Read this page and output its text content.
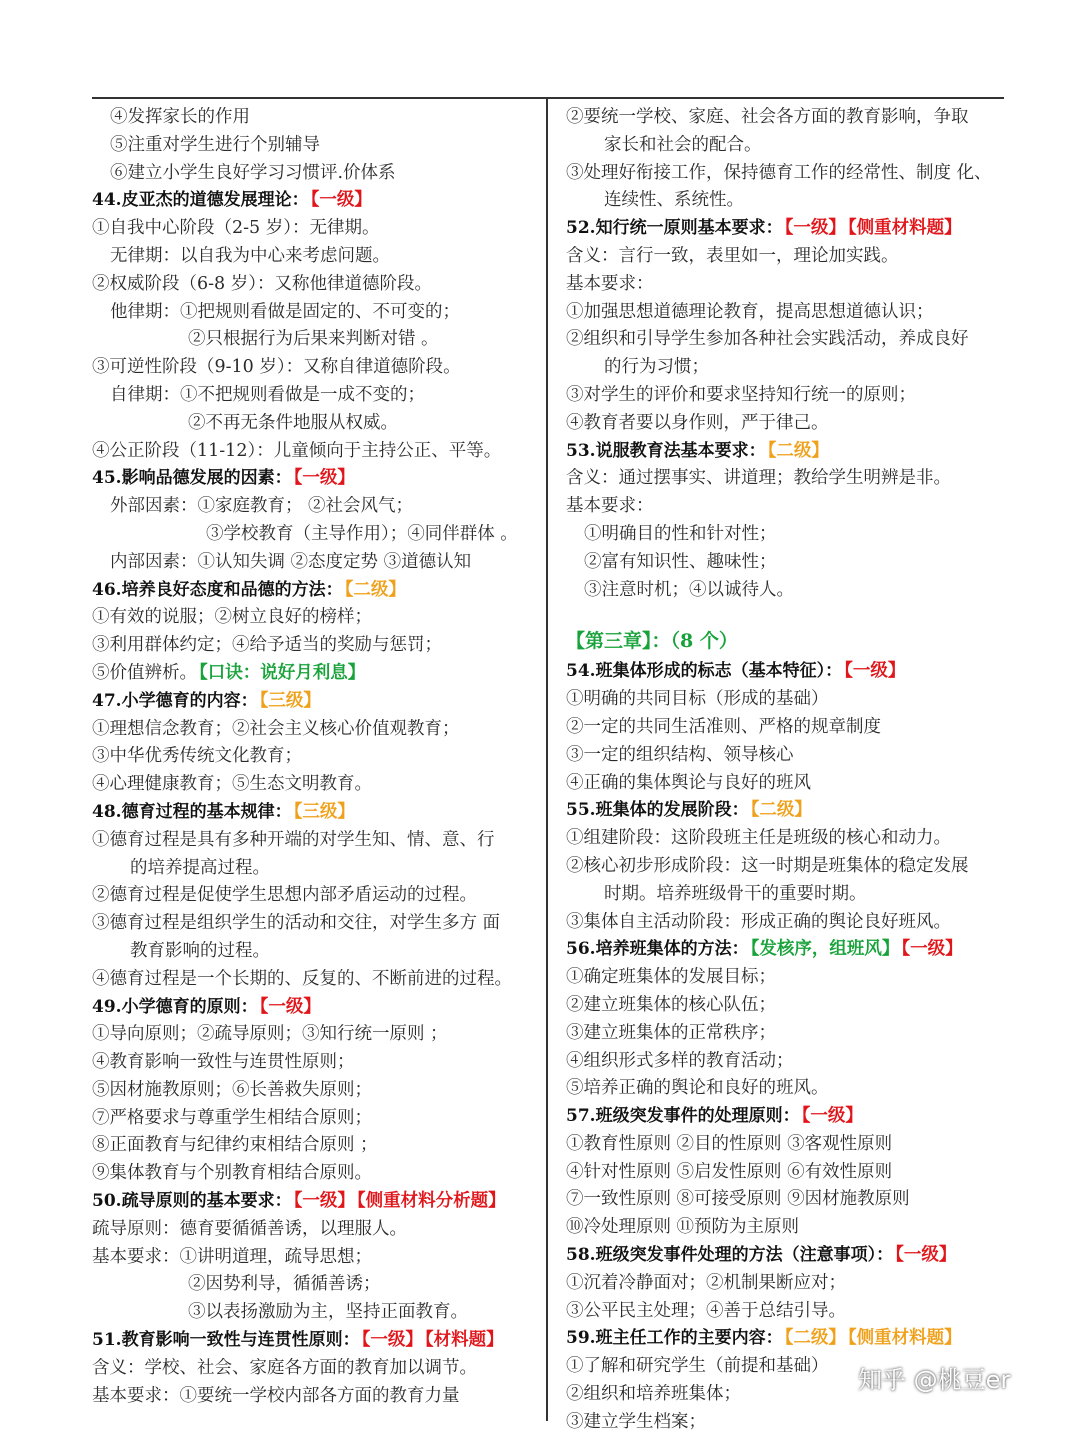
④发挥家长的作用
⑤注重对学生进行个别辅导
⑥建立小学生良好学习习惯评.价体系
44.皮亚杰的道德发展理论： 【一级】
①自我中心阶段（2-5 岁）：无律期。
无律期：以自我为中心来考虑问题。
②权威阶段（6-8 岁）：又称他律道德阶段。
他律期：①把规则看做是固定的、不可变的；
②只根据行为后果来判断对错 。
③可逆性阶段（9-10 岁）：又称自律道德阶段。
自律期：①不把规则看做是一成不变的；
②不再无条件地服从权威。
④公正阶段（11-12）：儿童倾向于主持公正、平等。
45.影响品德发展的因素： 【一级】
外部因素：①家庭教育； ②社会风气；
③学校教育（主导作用）；④同伴群体 。
内部因素：①认知失调 ②态度定势 ③道德认知
46.培养良好态度和品德的方法： 【二级】
①有效的说服；②树立良好的榜样；
③利用群体约定；④给予适当的奖励与惩罚；
⑤价值辨析。 【口诀：说好月利息】
47.小学德育的内容： 【三级】
①理想信念教育；②社会主义核心价值观教育；
③中华优秀传统文化教育；
④心理健康教育；⑤生态文明教育。
48.德育过程的基本规律： 【三级】
①德育过程是具有多种开端的对学生知、情、意、行
的培养提高过程。
②德育过程是促使学生思想内部矛盾运动的过程。
③德育过程是组织学生的活动和交往，对学生多方 面
教育影响的过程。
④德育过程是一个长期的、反复的、不断前进的过程。
49.小学德育的原则： 【一级】
①导向原则；②疏导原则；③知行统一原则 ；
④教育影响一致性与连贯性原则；
⑤因材施教原则；⑥长善救失原则；
⑦严格要求与尊重学生相结合原则；
⑧正面教育与纪律约束相结合原则 ；
⑨集体教育与个别教育相结合原则。
50.疏导原则的基本要求： 【一级】 【侧重材料分析题】
疏导原则：德育要循循善诱，以理服人。
基本要求：①讲明道理，疏导思想；
②因势利导，循循善诱；
③以表扬激励为主，坚持正面教育。
51.教育影响一致性与连贯性原则： 【一级】 【材料题】
含义：学校、社会、家庭各方面的教育加以调节。
基本要求：①要统一学校内部各方面的教育力量
②要统一学校、家庭、社会各方面的教育影响，争取
家长和社会的配合。
③处理好衔接工作，保持德育工作的经常性、制度 化、
连续性、系统性。
52.知行统一原则基本要求： 【一级】 【侧重材料题】
含义：言行一致，表里如一，理论加实践。
基本要求：
①加强思想道德理论教育，提高思想道德认识；
②组织和引导学生参加各种社会实践活动，养成良好
的行为习惯；
③对学生的评价和要求坚持知行统一的原则；
④教育者要以身作则，严于律己。
53.说服教育法基本要求： 【二级】
含义：通过摆事实、讲道理；教给学生明辨是非。
基本要求：
①明确目的性和针对性；
②富有知识性、趣味性；
③注意时机；④以诚待人。
【第三章】：（8 个）
54.班集体形成的标志（基本特征）： 【一级】
①明确的共同目标（形成的基础）
②一定的共同生活准则、严格的规章制度
③一定的组织结构、领导核心
④正确的集体舆论与良好的班风
55.班集体的发展阶段： 【二级】
①组建阶段：这阶段班主任是班级的核心和动力。
②核心初步形成阶段：这一时期是班集体的稳定发展
时期。培养班级骨干的重要时期。
③集体自主活动阶段：形成正确的舆论良好班风。
56.培养班集体的方法： 【发核序，组班风】 【一级】
①确定班集体的发展目标；
②建立班集体的核心队伍；
③建立班集体的正常秩序；
④组织形式多样的教育活动；
⑤培养正确的舆论和良好的班风。
57.班级突发事件的处理原则： 【一级】
①教育性原则 ②目的性原则 ③客观性原则
④针对性原则 ⑤启发性原则 ⑥有效性原则
⑦一致性原则 ⑧可接受原则 ⑨因材施教原则
⑩冷处理原则 ⑪预防为主原则
58.班级突发事件处理的方法（注意事项）： 【一级】
①沉着冷静面对；②机制果断应对；
③公平民主处理；④善于总结引导。
59.班主任工作的主要内容： 【二级】 【侧重材料题】
①了解和研究学生（前提和基础）
②组织和培养班集体；
③建立学生档案；
知乎 @桃豆er
